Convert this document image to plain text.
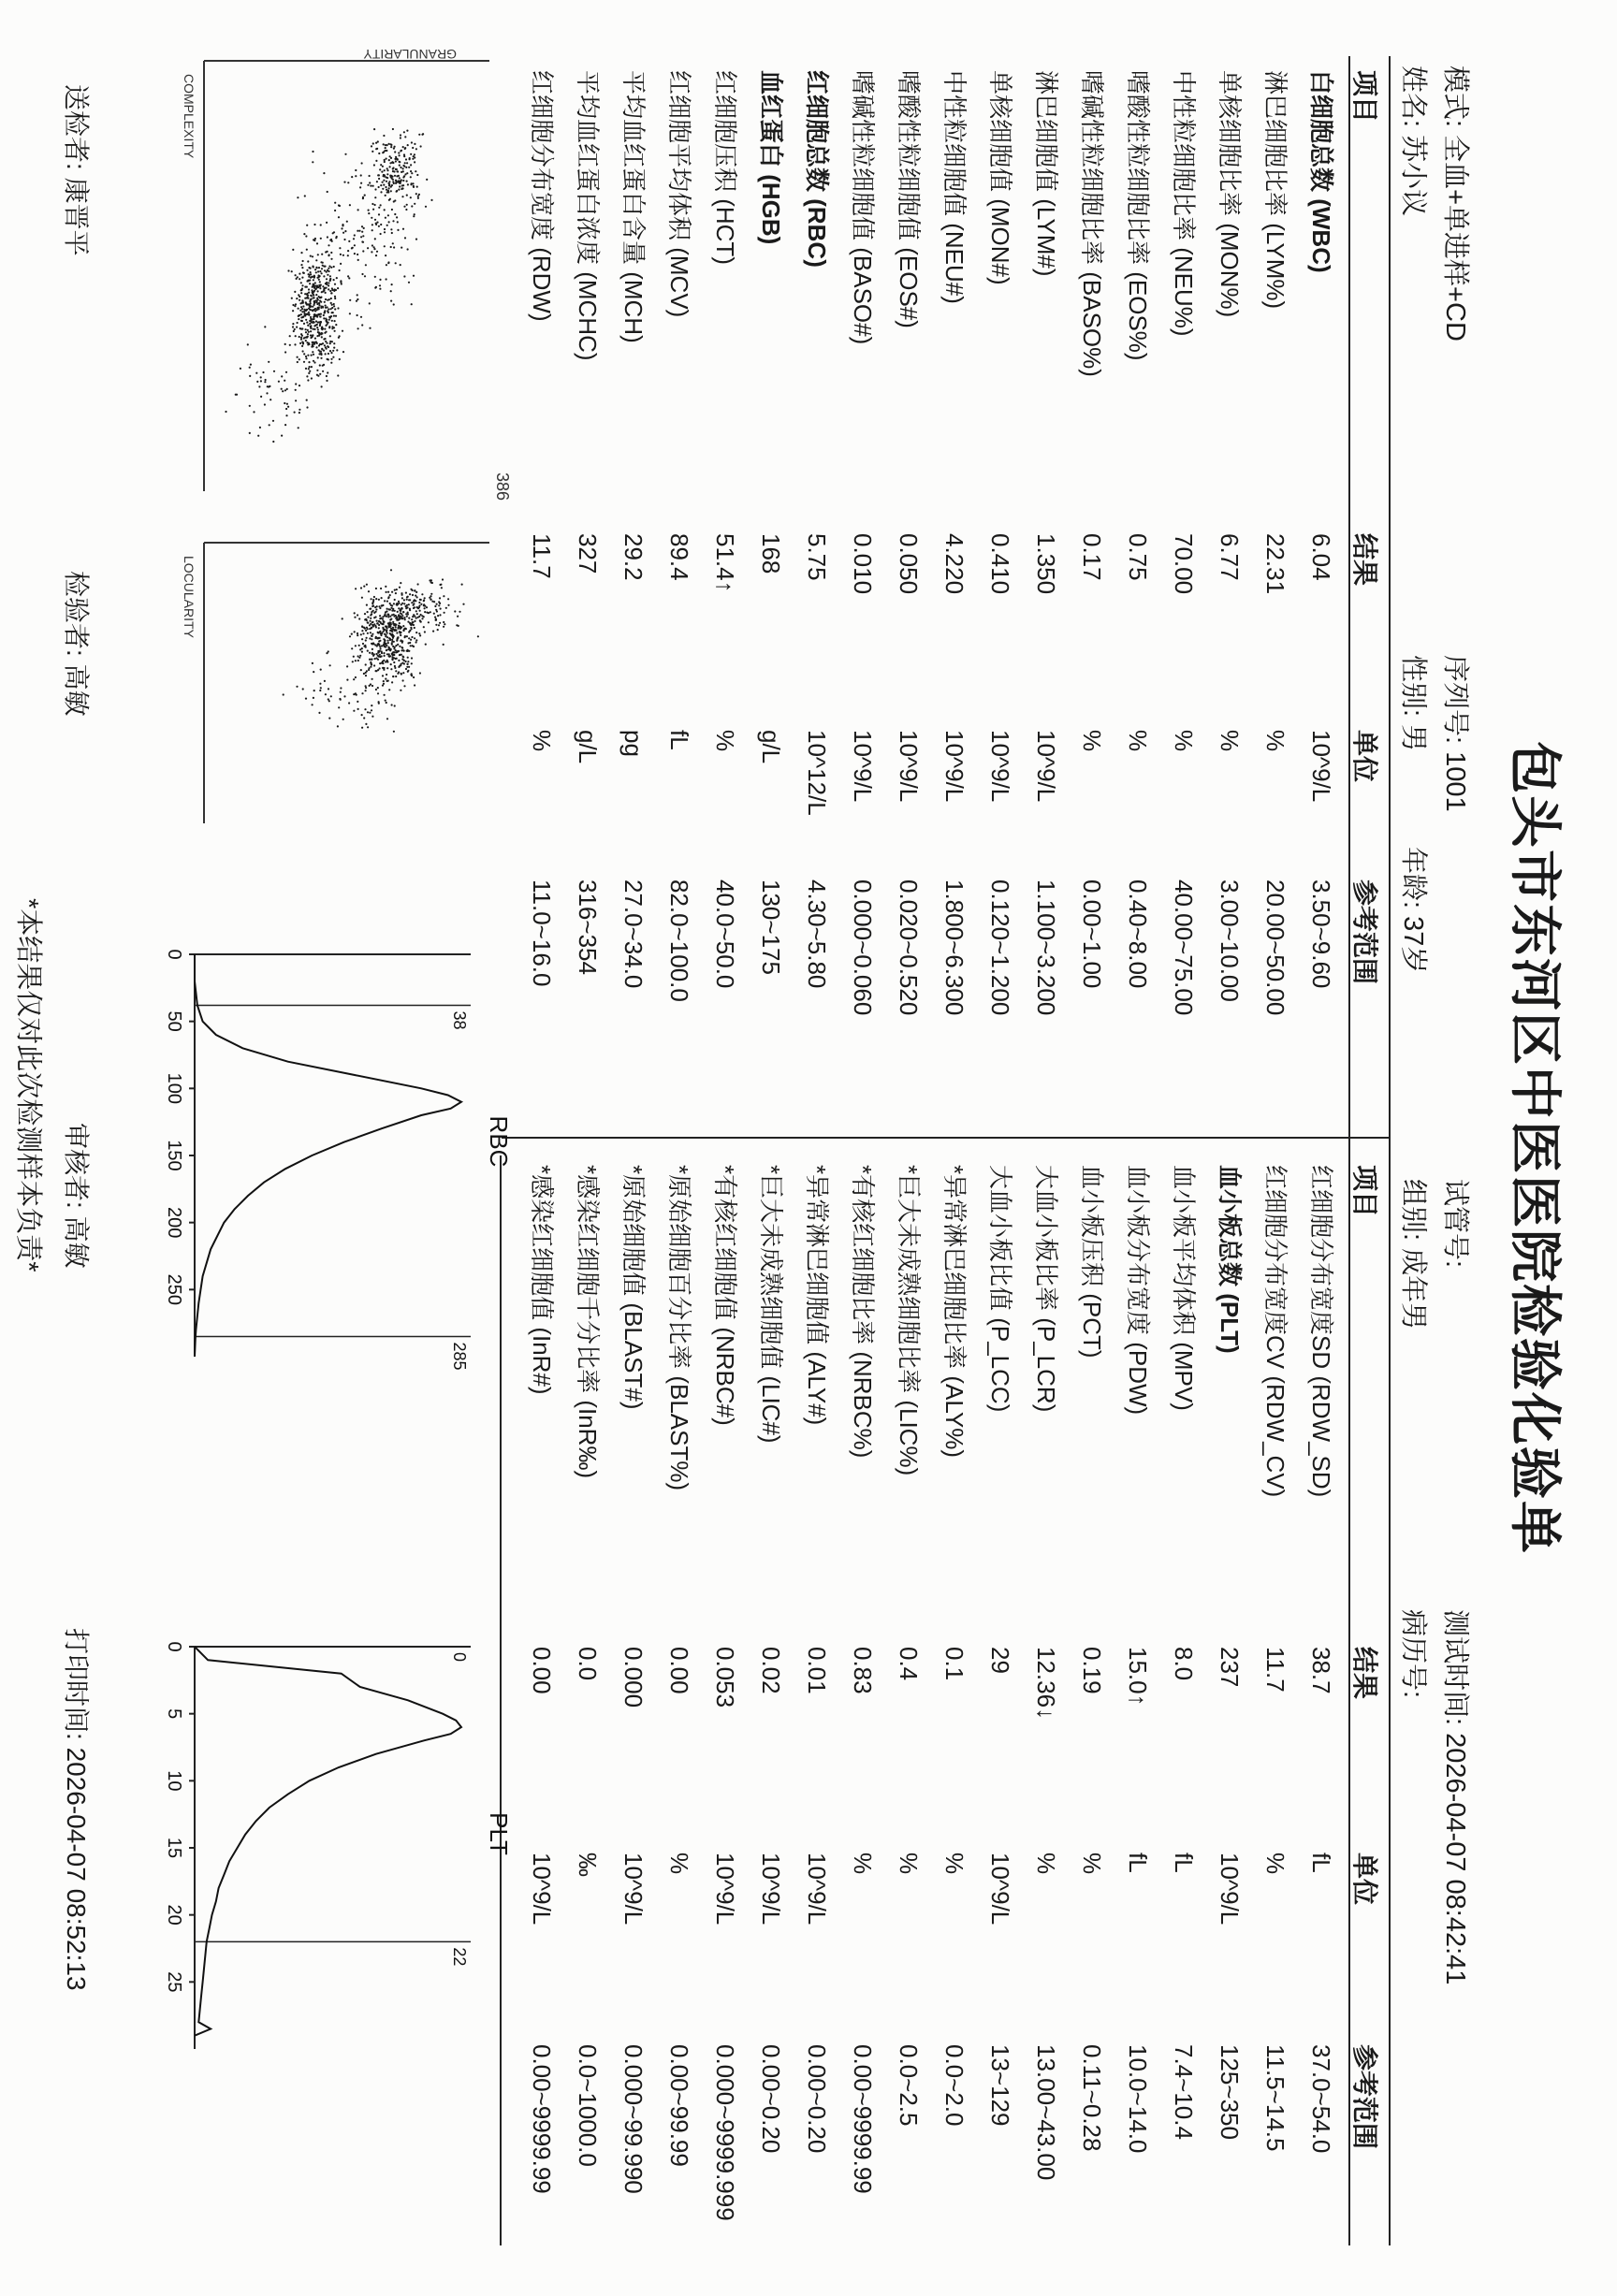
包头市东河区中医医院检验化验单
模式: 全血+单进样+CD
姓名: 苏小议
序列号: 1001
性别: 男
年龄: 37岁
试管号:
组别: 成年男
测试时间: 2026-04-07 08:42:41
病历号:
项目
结果
单位
参考范围
项目
结果
单位
参考范围
白细胞总数 (WBC)
淋巴细胞比率 (LYM%)
单核细胞比率 (MON%)
中性粒细胞比率 (NEU%)
嗜酸性粒细胞比率 (EOS%)
嗜碱性粒细胞比率 (BASO%)
淋巴细胞值 (LYM#)
单核细胞值 (MON#)
中性粒细胞值 (NEU#)
嗜酸性粒细胞值 (EOS#)
嗜碱性粒细胞值 (BASO#)
红细胞总数 (RBC)
血红蛋白 (HGB)
红细胞压积 (HCT)
红细胞平均体积 (MCV)
平均血红蛋白含量 (MCH)
平均血红蛋白浓度 (MCHC)
红细胞分布宽度 (RDW)
6.04
22.31
6.77
70.00
0.75
0.17
1.350
0.410
4.220
0.050
0.010
5.75
168
51.4↑
89.4
29.2
327
11.7
10^9/L
%
%
%
%
%
10^9/L
10^9/L
10^9/L
10^9/L
10^9/L
10^12/L
g/L
%
fL
pg
g/L
%
3.50~9.60
20.00~50.00
3.00~10.00
40.00~75.00
0.40~8.00
0.00~1.00
1.100~3.200
0.120~1.200
1.800~6.300
0.020~0.520
0.000~0.060
4.30~5.80
130~175
40.0~50.0
82.0~100.0
27.0~34.0
316~354
11.0~16.0
红细胞分布宽度SD (RDW_SD)
红细胞分布宽度CV (RDW_CV)
血小板总数 (PLT)
血小板平均体积 (MPV)
血小板分布宽度 (PDW)
血小板压积 (PCT)
大血小板比率 (P_LCR)
大血小板比值 (P_LCC)
*异常淋巴细胞比率 (ALY%)
*巨大未成熟细胞比率 (LIC%)
*有核红细胞比率 (NRBC%)
*异常淋巴细胞值 (ALY#)
*巨大未成熟细胞值 (LIC#)
*有核红细胞值 (NRBC#)
*原始细胞百分比率 (BLAST%)
*原始细胞值 (BLAST#)
*感染红细胞千分比率 (InR‰)
*感染红细胞值 (InR#)
38.7
11.7
237
8.0
15.0↑
0.19
12.36↓
29
0.1
0.4
0.83
0.01
0.02
0.053
0.00
0.000
0.0
0.00
fL
%
10^9/L
fL
fL
%
%
10^9/L
%
%
%
10^9/L
10^9/L
10^9/L
%
10^9/L
‰
10^9/L
37.0~54.0
11.5~14.5
125~350
7.4~10.4
10.0~14.0
0.11~0.28
13.00~43.00
13~129
0.0~2.0
0.0~2.5
0.00~9999.99
0.00~0.20
0.00~0.20
0.000~9999.999
0.00~99.99
0.000~99.990
0.0~1000.0
0.00~9999.99
386
COMPLEXITY
GRANULARITY
LOCULARITY
RBC
0
50
100
150
200
250
38
285
PLT
0
5
10
15
20
25
0
22
送检者: 康晋平
检验者: 高敏
审核者: 高敏
打印时间: 2026-04-07 08:52:13
*本结果仅对此次检测样本负责*
